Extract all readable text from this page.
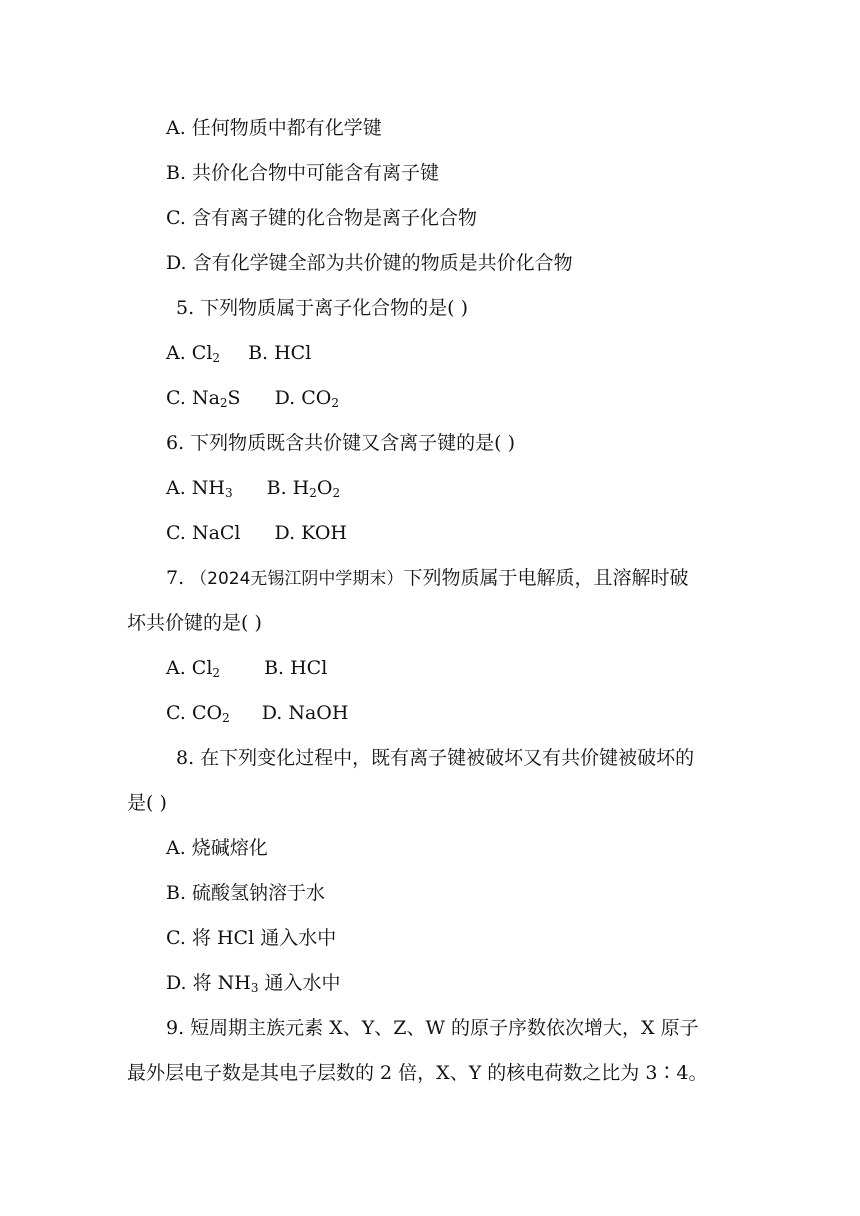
A. 任何物质中都有化学键
B. 共价化合物中可能含有离子键
C. 含有离子键的化合物是离子化合物
D. 含有化学键全部为共价键的物质是共价化合物
5. 下列物质属于离子化合物的是( )
A. $Cl_2$ B. HCl
C. $Na_2S$ D. $CO_2$
6. 下列物质既含共价键又含离子键的是( )
A. $NH_3$ B. $H_2O_2$
C. NaCl D. KOH
7. （2024无锡江阴中学期末）下列物质属于电解质，且溶解时破
坏共价键的是( )
A. $Cl_2$ B. HCl
C. $CO_2$ D. NaOH
8. 在下列变化过程中，既有离子键被破坏又有共价键被破坏的
是( )
A. 烧碱熔化
B. 硫酸氢钠溶于水
C. 将 HCl 通入水中
D. 将 $NH_3$ 通入水中
9. 短周期主族元素 X、Y、Z、W 的原子序数依次增大，X 原子
最外层电子数是其电子层数的 2 倍，X、Y 的核电荷数之比为 3∶4。
